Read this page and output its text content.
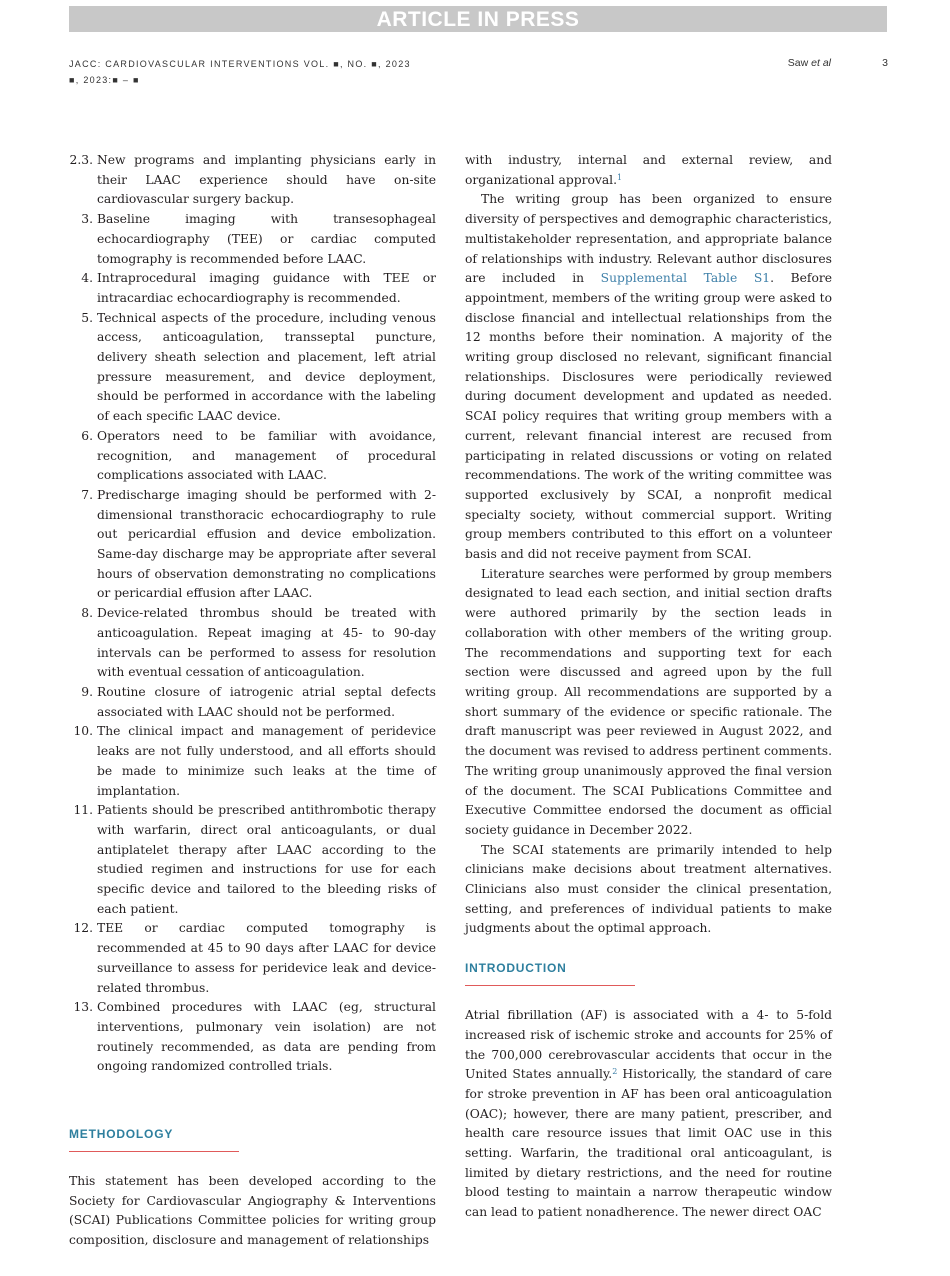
ARTICLE IN PRESS
JACC: CARDIOVASCULAR INTERVENTIONS VOL. ■, NO. ■, 2023
■, 2023:■ – ■
Saw et al	3
2.3. New programs and implanting physicians early in their LAAC experience should have on-site cardiovascular surgery backup.
3. Baseline imaging with transesophageal echocardiography (TEE) or cardiac computed tomography is recommended before LAAC.
4. Intraprocedural imaging guidance with TEE or intracardiac echocardiography is recommended.
5. Technical aspects of the procedure, including venous access, anticoagulation, transseptal puncture, delivery sheath selection and placement, left atrial pressure measurement, and device deployment, should be performed in accordance with the labeling of each specific LAAC device.
6. Operators need to be familiar with avoidance, recognition, and management of procedural complications associated with LAAC.
7. Predischarge imaging should be performed with 2-dimensional transthoracic echocardiography to rule out pericardial effusion and device embolization. Same-day discharge may be appropriate after several hours of observation demonstrating no complications or pericardial effusion after LAAC.
8. Device-related thrombus should be treated with anticoagulation. Repeat imaging at 45- to 90-day intervals can be performed to assess for resolution with eventual cessation of anticoagulation.
9. Routine closure of iatrogenic atrial septal defects associated with LAAC should not be performed.
10. The clinical impact and management of peridevice leaks are not fully understood, and all efforts should be made to minimize such leaks at the time of implantation.
11. Patients should be prescribed antithrombotic therapy with warfarin, direct oral anticoagulants, or dual antiplatelet therapy after LAAC according to the studied regimen and instructions for use for each specific device and tailored to the bleeding risks of each patient.
12. TEE or cardiac computed tomography is recommended at 45 to 90 days after LAAC for device surveillance to assess for peridevice leak and device-related thrombus.
13. Combined procedures with LAAC (eg, structural interventions, pulmonary vein isolation) are not routinely recommended, as data are pending from ongoing randomized controlled trials.
METHODOLOGY

This statement has been developed according to the Society for Cardiovascular Angiography & Interventions (SCAI) Publications Committee policies for writing group composition, disclosure and management of relationships

with industry, internal and external review, and organizational approval.$^1$

The writing group has been organized to ensure diversity of perspectives and demographic characteristics, multistakeholder representation, and appropriate balance of relationships with industry. Relevant author disclosures are included in Supplemental Table S1. Before appointment, members of the writing group were asked to disclose financial and intellectual relationships from the 12 months before their nomination. A majority of the writing group disclosed no relevant, significant financial relationships. Disclosures were periodically reviewed during document development and updated as needed. SCAI policy requires that writing group members with a current, relevant financial interest are recused from participating in related discussions or voting on related recommendations. The work of the writing committee was supported exclusively by SCAI, a nonprofit medical specialty society, without commercial support. Writing group members contributed to this effort on a volunteer basis and did not receive payment from SCAI.

Literature searches were performed by group members designated to lead each section, and initial section drafts were authored primarily by the section leads in collaboration with other members of the writing group. The recommendations and supporting text for each section were discussed and agreed upon by the full writing group. All recommendations are supported by a short summary of the evidence or specific rationale. The draft manuscript was peer reviewed in August 2022, and the document was revised to address pertinent comments. The writing group unanimously approved the final version of the document. The SCAI Publications Committee and Executive Committee endorsed the document as official society guidance in December 2022.

The SCAI statements are primarily intended to help clinicians make decisions about treatment alternatives. Clinicians also must consider the clinical presentation, setting, and preferences of individual patients to make judgments about the optimal approach.

INTRODUCTION

Atrial fibrillation (AF) is associated with a 4- to 5-fold increased risk of ischemic stroke and accounts for 25% of the 700,000 cerebrovascular accidents that occur in the United States annually.$^2$ Historically, the standard of care for stroke prevention in AF has been oral anticoagulation (OAC); however, there are many patient, prescriber, and health care resource issues that limit OAC use in this setting. Warfarin, the traditional oral anticoagulant, is limited by dietary restrictions, and the need for routine blood testing to maintain a narrow therapeutic window can lead to patient nonadherence. The newer direct OAC
